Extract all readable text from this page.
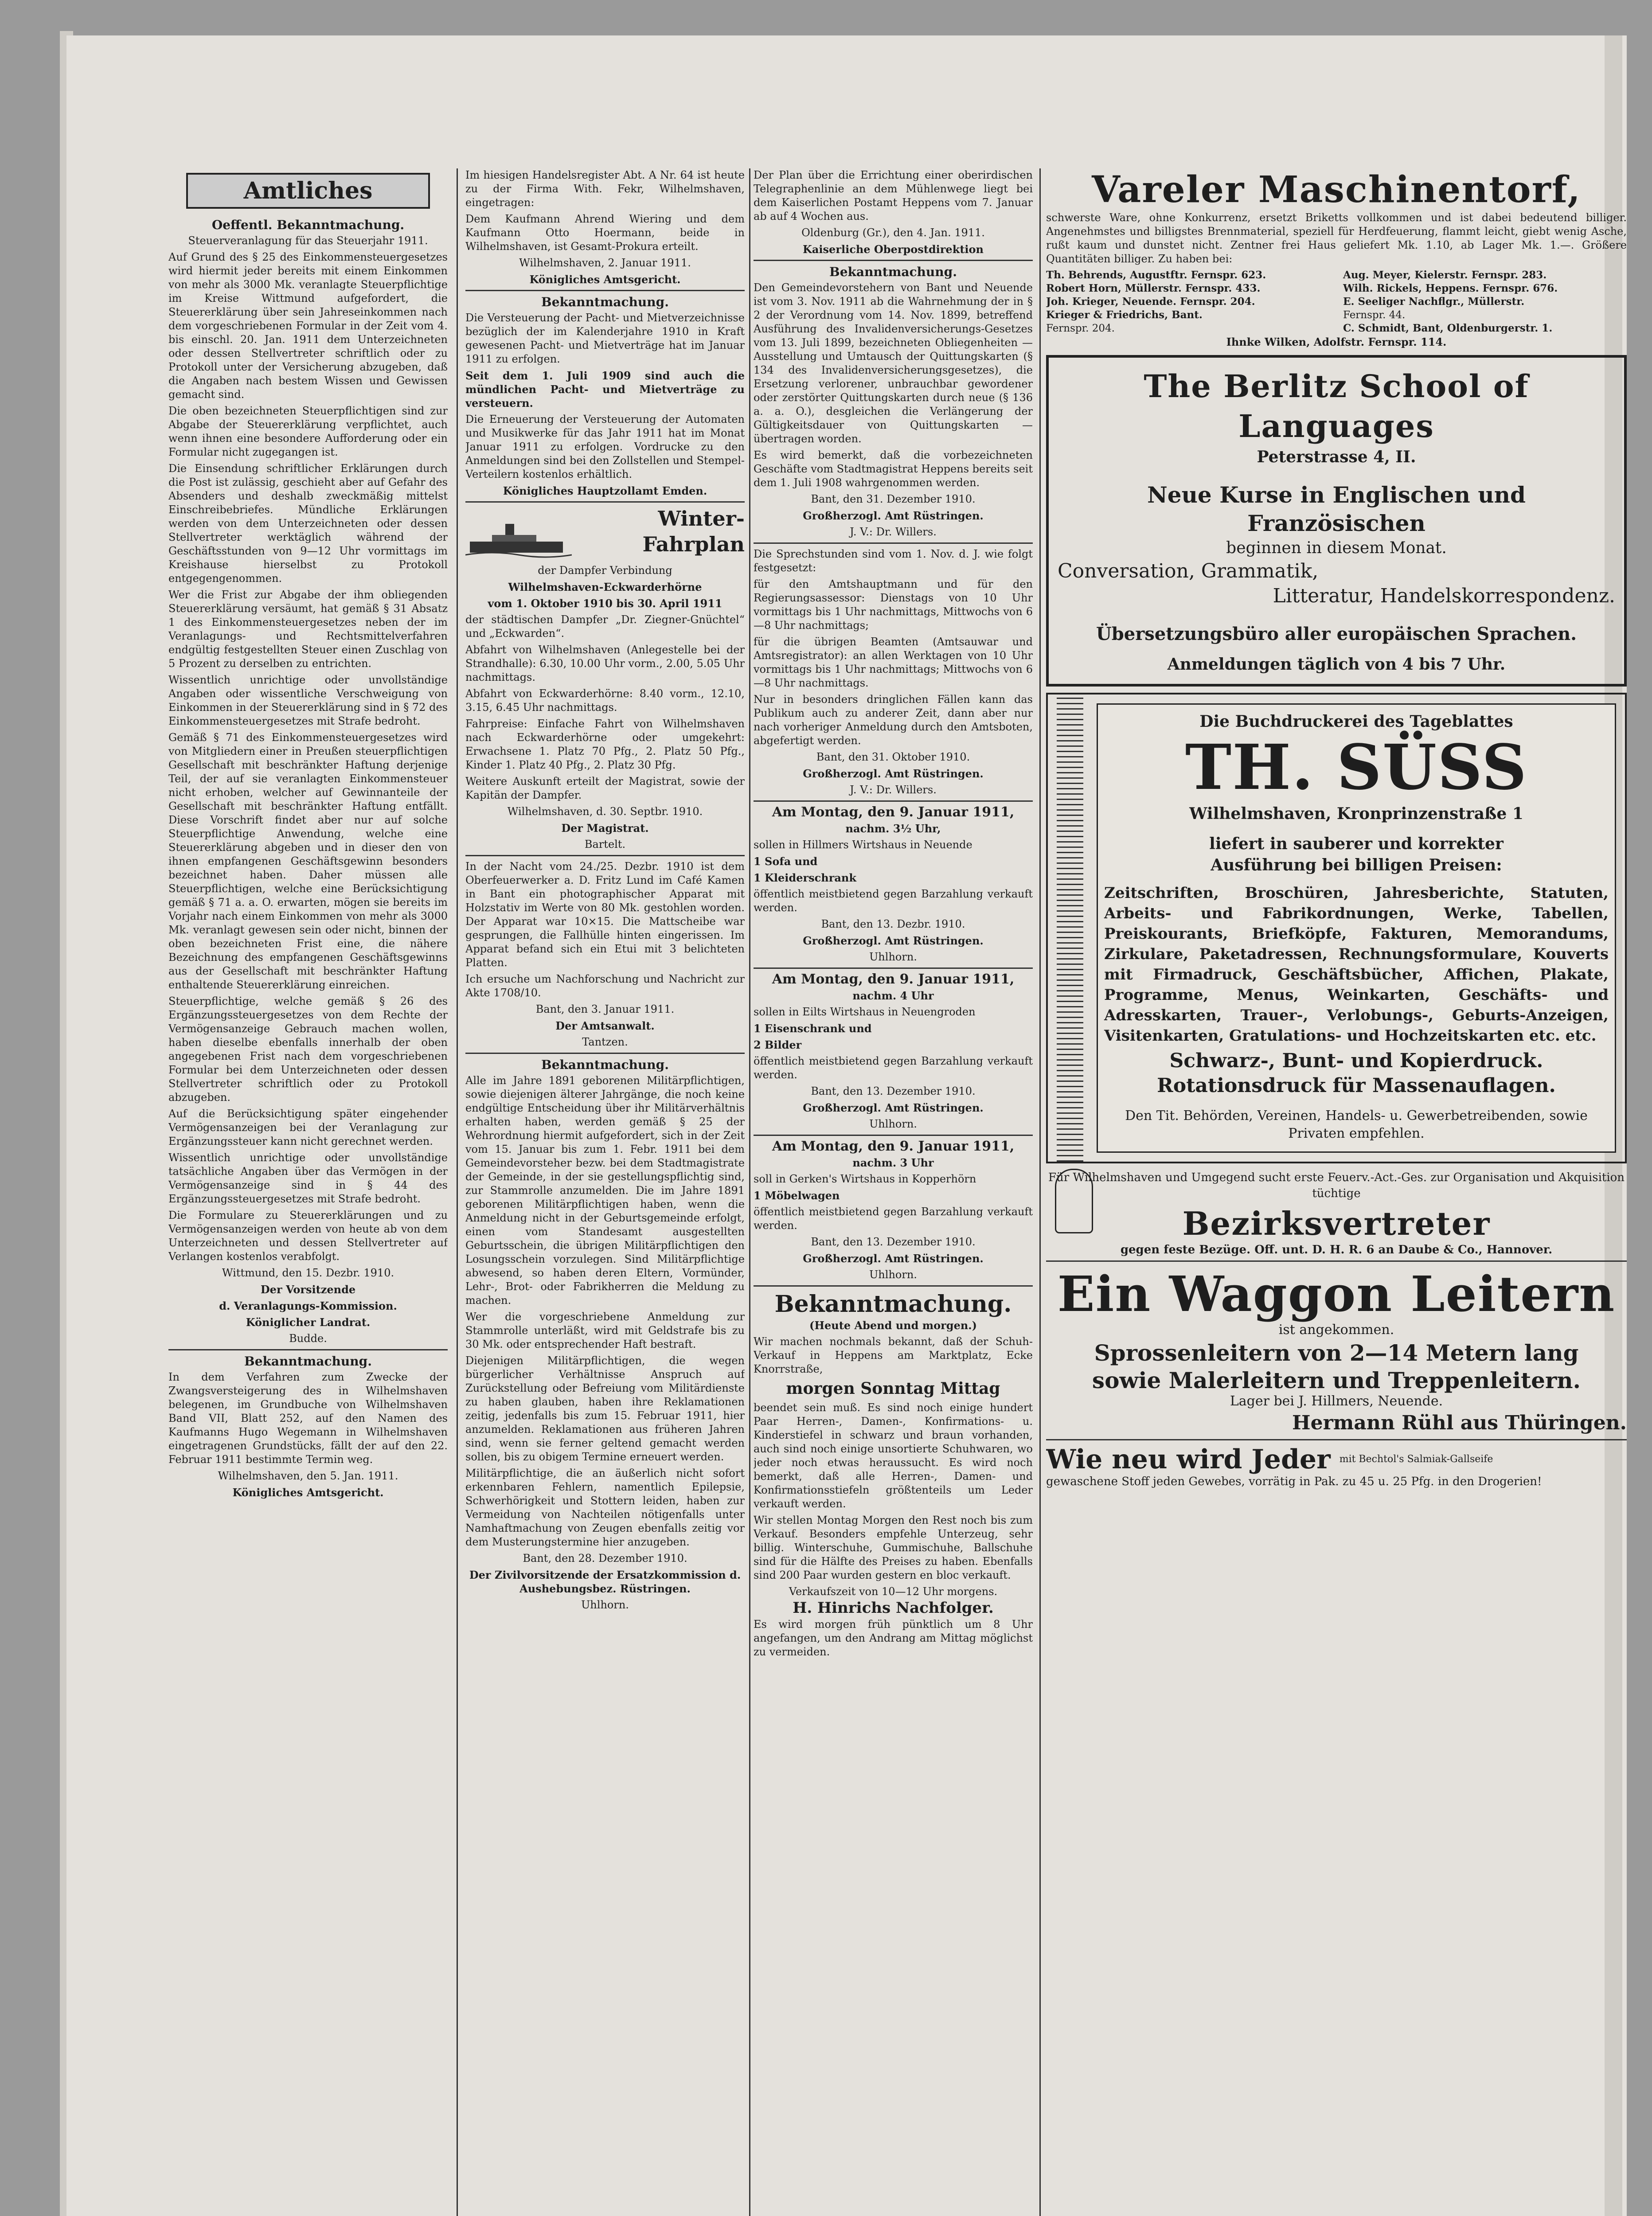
Amtliches
Oeffentl. Bekanntmachung.

Steuerveranlagung für das Steuerjahr 1911.

Auf Grund des § 25 des Einkommensteuergesetzes wird hiermit jeder bereits mit einem Einkommen von mehr als 3000 Mk. veranlagte Steuerpflichtige im Kreise Wittmund aufgefordert, die Steuererklärung über sein Jahreseinkommen nach dem vorgeschriebenen Formular in der Zeit vom 4. bis einschl. 20. Jan. 1911 dem Unterzeichneten oder dessen Stellvertreter schriftlich oder zu Protokoll unter der Versicherung abzugeben, daß die Angaben nach bestem Wissen und Gewissen gemacht sind.

Die oben bezeichneten Steuerpflichtigen sind zur Abgabe der Steuererklärung verpflichtet, auch wenn ihnen eine besondere Aufforderung oder ein Formular nicht zugegangen ist.

Die Einsendung schriftlicher Erklärungen durch die Post ist zulässig, geschieht aber auf Gefahr des Absenders und deshalb zweckmäßig mittelst Einschreibebriefes. Mündliche Erklärungen werden von dem Unterzeichneten oder dessen Stellvertreter werktäglich während der Geschäftsstunden von 9—12 Uhr vormittags im Kreishause hierselbst zu Protokoll entgegengenommen.

Wer die Frist zur Abgabe der ihm obliegenden Steuererklärung versäumt, hat gemäß § 31 Absatz 1 des Einkommensteuergesetzes neben der im Veranlagungs- und Rechtsmittelverfahren endgültig festgestellten Steuer einen Zuschlag von 5 Prozent zu derselben zu entrichten.

Wissentlich unrichtige oder unvollständige Angaben oder wissentliche Verschweigung von Einkommen in der Steuererklärung sind in § 72 des Einkommensteuergesetzes mit Strafe bedroht.

Gemäß § 71 des Einkommensteuergesetzes wird von Mitgliedern einer in Preußen steuerpflichtigen Gesellschaft mit beschränkter Haftung derjenige Teil, der auf sie veranlagten Einkommensteuer nicht erhoben, welcher auf Gewinnanteile der Gesellschaft mit beschränkter Haftung entfällt. Diese Vorschrift findet aber nur auf solche Steuerpflichtige Anwendung, welche eine Steuererklärung abgeben und in dieser den von ihnen empfangenen Geschäftsgewinn besonders bezeichnet haben. Daher müssen alle Steuerpflichtigen, welche eine Berücksichtigung gemäß § 71 a. a. O. erwarten, mögen sie bereits im Vorjahr nach einem Einkommen von mehr als 3000 Mk. veranlagt gewesen sein oder nicht, binnen der oben bezeichneten Frist eine, die nähere Bezeichnung des empfangenen Geschäftsgewinns aus der Gesellschaft mit beschränkter Haftung enthaltende Steuererklärung einreichen.

Steuerpflichtige, welche gemäß § 26 des Ergänzungssteuergesetzes von dem Rechte der Vermögensanzeige Gebrauch machen wollen, haben dieselbe ebenfalls innerhalb der oben angegebenen Frist nach dem vorgeschriebenen Formular bei dem Unterzeichneten oder dessen Stellvertreter schriftlich oder zu Protokoll abzugeben.

Auf die Berücksichtigung später eingehender Vermögensanzeigen bei der Veranlagung zur Ergänzungssteuer kann nicht gerechnet werden.

Wissentlich unrichtige oder unvollständige tatsächliche Angaben über das Vermögen in der Vermögensanzeige sind in § 44 des Ergänzungssteuergesetzes mit Strafe bedroht.

Die Formulare zu Steuererklärungen und zu Vermögensanzeigen werden von heute ab von dem Unterzeichneten und dessen Stellvertreter auf Verlangen kostenlos verabfolgt.

Wittmund, den 15. Dezbr. 1910.

Der Vorsitzende

d. Veranlagungs-Kommission.

Königlicher Landrat.

Budde.

Bekanntmachung.

In dem Verfahren zum Zwecke der Zwangsversteigerung des in Wilhelmshaven belegenen, im Grundbuche von Wilhelmshaven Band VII, Blatt 252, auf den Namen des Kaufmanns Hugo Wegemann in Wilhelmshaven eingetragenen Grundstücks, fällt der auf den 22. Februar 1911 bestimmte Termin weg.

Wilhelmshaven, den 5. Jan. 1911.

Königliches Amtsgericht.

Im hiesigen Handelsregister Abt. A Nr. 64 ist heute zu der Firma With. Fekr, Wilhelmshaven, eingetragen:

Dem Kaufmann Ahrend Wiering und dem Kaufmann Otto Hoermann, beide in Wilhelmshaven, ist Gesamt-Prokura erteilt.

Wilhelmshaven, 2. Januar 1911.

Königliches Amtsgericht.

Bekanntmachung.

Die Versteuerung der Pacht- und Mietverzeichnisse bezüglich der im Kalenderjahre 1910 in Kraft gewesenen Pacht- und Mietverträge hat im Januar 1911 zu erfolgen.

Seit dem 1. Juli 1909 sind auch die mündlichen Pacht- und Mietverträge zu versteuern.

Die Erneuerung der Versteuerung der Automaten und Musikwerke für das Jahr 1911 hat im Monat Januar 1911 zu erfolgen. Vordrucke zu den Anmeldungen sind bei den Zollstellen und Stempel-Verteilern kostenlos erhältlich.

Königliches Hauptzollamt Emden.

Winter-
Fahrplan

der Dampfer Verbindung

Wilhelmshaven-Eckwarderhörne

vom 1. Oktober 1910 bis 30. April 1911

der städtischen Dampfer „Dr. Ziegner-Gnüchtel“ und „Eckwarden“.

Abfahrt von Wilhelmshaven (Anlegestelle bei der Strandhalle): 6.30, 10.00 Uhr vorm., 2.00, 5.05 Uhr nachmittags.

Abfahrt von Eckwarderhörne: 8.40 vorm., 12.10, 3.15, 6.45 Uhr nachmittags.

Fahrpreise: Einfache Fahrt von Wilhelmshaven nach Eckwarderhörne oder umgekehrt: Erwachsene 1. Platz 70 Pfg., 2. Platz 50 Pfg., Kinder 1. Platz 40 Pfg., 2. Platz 30 Pfg.

Weitere Auskunft erteilt der Magistrat, sowie der Kapitän der Dampfer.

Wilhelmshaven, d. 30. Septbr. 1910.

Der Magistrat.

Bartelt.

In der Nacht vom 24./25. Dezbr. 1910 ist dem Oberfeuerwerker a. D. Fritz Lund im Café Kamen in Bant ein photographischer Apparat mit Holzstativ im Werte von 80 Mk. gestohlen worden. Der Apparat war 10×15. Die Mattscheibe war gesprungen, die Fallhülle hinten eingerissen. Im Apparat befand sich ein Etui mit 3 belichteten Platten.

Ich ersuche um Nachforschung und Nachricht zur Akte 1708/10.

Bant, den 3. Januar 1911.

Der Amtsanwalt.

Tantzen.

Bekanntmachung.

Alle im Jahre 1891 geborenen Militärpflichtigen, sowie diejenigen älterer Jahrgänge, die noch keine endgültige Entscheidung über ihr Militärverhältnis erhalten haben, werden gemäß § 25 der Wehrordnung hiermit aufgefordert, sich in der Zeit vom 15. Januar bis zum 1. Febr. 1911 bei dem Gemeindevorsteher bezw. bei dem Stadtmagistrate der Gemeinde, in der sie gestellungspflichtig sind, zur Stammrolle anzumelden. Die im Jahre 1891 geborenen Militärpflichtigen haben, wenn die Anmeldung nicht in der Geburtsgemeinde erfolgt, einen vom Standesamt ausgestellten Geburtsschein, die übrigen Militärpflichtigen den Losungsschein vorzulegen. Sind Militärpflichtige abwesend, so haben deren Eltern, Vormünder, Lehr-, Brot- oder Fabrikherren die Meldung zu machen.

Wer die vorgeschriebene Anmeldung zur Stammrolle unterläßt, wird mit Geldstrafe bis zu 30 Mk. oder entsprechender Haft bestraft.

Diejenigen Militärpflichtigen, die wegen bürgerlicher Verhältnisse Anspruch auf Zurückstellung oder Befreiung vom Militärdienste zu haben glauben, haben ihre Reklamationen zeitig, jedenfalls bis zum 15. Februar 1911, hier anzumelden. Reklamationen aus früheren Jahren sind, wenn sie ferner geltend gemacht werden sollen, bis zu obigem Termine erneuert werden.

Militärpflichtige, die an äußerlich nicht sofort erkennbaren Fehlern, namentlich Epilepsie, Schwerhörigkeit und Stottern leiden, haben zur Vermeidung von Nachteilen nötigenfalls unter Namhaftmachung von Zeugen ebenfalls zeitig vor dem Musterungstermine hier anzugeben.

Bant, den 28. Dezember 1910.

Der Zivilvorsitzende der Ersatzkommission d. Aushebungsbez. Rüstringen.

Uhlhorn.

Der Plan über die Errichtung einer oberirdischen Telegraphenlinie an dem Mühlenwege liegt bei dem Kaiserlichen Postamt Heppens vom 7. Januar ab auf 4 Wochen aus.

Oldenburg (Gr.), den 4. Jan. 1911.

Kaiserliche Oberpostdirektion

Bekanntmachung.

Den Gemeindevorstehern von Bant und Neuende ist vom 3. Nov. 1911 ab die Wahrnehmung der in § 2 der Verordnung vom 14. Nov. 1899, betreffend Ausführung des Invalidenversicherungs-Gesetzes vom 13. Juli 1899, bezeichneten Obliegenheiten — Ausstellung und Umtausch der Quittungskarten (§ 134 des Invalidenversicherungsgesetzes), die Ersetzung verlorener, unbrauchbar gewordener oder zerstörter Quittungskarten durch neue (§ 136 a. a. O.), desgleichen die Verlängerung der Gültigkeitsdauer von Quittungskarten — übertragen worden.

Es wird bemerkt, daß die vorbezeichneten Geschäfte vom Stadtmagistrat Heppens bereits seit dem 1. Juli 1908 wahrgenommen werden.

Bant, den 31. Dezember 1910.

Großherzogl. Amt Rüstringen.

J. V.: Dr. Willers.

Die Sprechstunden sind vom 1. Nov. d. J. wie folgt festgesetzt:

für den Amtshauptmann und für den Regierungsassessor: Dienstags von 10 Uhr vormittags bis 1 Uhr nachmittags, Mittwochs von 6—8 Uhr nachmittags;

für die übrigen Beamten (Amtsauwar und Amtsregistrator): an allen Werktagen von 10 Uhr vormittags bis 1 Uhr nachmittags; Mittwochs von 6—8 Uhr nachmittags.

Nur in besonders dringlichen Fällen kann das Publikum auch zu anderer Zeit, dann aber nur nach vorheriger Anmeldung durch den Amtsboten, abgefertigt werden.

Bant, den 31. Oktober 1910.

Großherzogl. Amt Rüstringen.

J. V.: Dr. Willers.

Am Montag, den 9. Januar 1911,

nachm. 3½ Uhr,

sollen in Hillmers Wirtshaus in Neuende

1 Sofa und

1 Kleiderschrank

öffentlich meistbietend gegen Barzahlung verkauft werden.

Bant, den 13. Dezbr. 1910.

Großherzogl. Amt Rüstringen.

Uhlhorn.

Am Montag, den 9. Januar 1911,

nachm. 4 Uhr

sollen in Eilts Wirtshaus in Neuengroden

1 Eisenschrank und

2 Bilder

öffentlich meistbietend gegen Barzahlung verkauft werden.

Bant, den 13. Dezember 1910.

Großherzogl. Amt Rüstringen.

Uhlhorn.

Am Montag, den 9. Januar 1911,

nachm. 3 Uhr

soll in Gerken's Wirtshaus in Kopperhörn

1 Möbelwagen

öffentlich meistbietend gegen Barzahlung verkauft werden.

Bant, den 13. Dezember 1910.

Großherzogl. Amt Rüstringen.

Uhlhorn.

Bekanntmachung.

(Heute Abend und morgen.)

Wir machen nochmals bekannt, daß der Schuh-Verkauf in Heppens am Marktplatz, Ecke Knorrstraße,

morgen Sonntag Mittag

beendet sein muß. Es sind noch einige hundert Paar Herren-, Damen-, Konfirmations- u. Kinderstiefel in schwarz und braun vorhanden, auch sind noch einige unsortierte Schuhwaren, wo jeder noch etwas heraussucht. Es wird noch bemerkt, daß alle Herren-, Damen- und Konfirmationsstiefeln größtenteils um Leder verkauft werden.

Wir stellen Montag Morgen den Rest noch bis zum Verkauf. Besonders empfehle Unterzeug, sehr billig. Winterschuhe, Gummischuhe, Ballschuhe sind für die Hälfte des Preises zu haben. Ebenfalls sind 200 Paar wurden gestern en bloc verkauft.

Verkaufszeit von 10—12 Uhr morgens.

H. Hinrichs Nachfolger.

Es wird morgen früh pünktlich um 8 Uhr angefangen, um den Andrang am Mittag möglichst zu vermeiden.

Vareler Maschinentorf,

schwerste Ware, ohne Konkurrenz, ersetzt Briketts vollkommen und ist dabei bedeutend billiger. Angenehmstes und billigstes Brennmaterial, speziell für Herdfeuerung, flammt leicht, giebt wenig Asche, rußt kaum und dunstet nicht. Zentner frei Haus geliefert Mk. 1.10, ab Lager Mk. 1.—. Größere Quantitäten billiger. Zu haben bei:

Th. Behrends, Augustftr. Fernspr. 623.
Robert Horn, Müllerstr. Fernspr. 433.
Joh. Krieger, Neuende. Fernspr. 204.
Krieger & Friedrichs, Bant.
Fernspr. 204.
Aug. Meyer, Kielerstr. Fernspr. 283.
Wilh. Rickels, Heppens. Fernspr. 676.
E. Seeliger Nachflgr., Müllerstr.
Fernspr. 44.
C. Schmidt, Bant, Oldenburgerstr. 1.

Ihnke Wilken, Adolfstr. Fernspr. 114.

The Berlitz School of Languages
Peterstrasse 4, II.
Neue Kurse in Englischen und Französischen
beginnen in diesem Monat.
Conversation, Grammatik,
Litteratur, Handelskorrespondenz.
Übersetzungsbüro aller europäischen Sprachen.
Anmeldungen täglich von 4 bis 7 Uhr.
Die Buchdruckerei des Tageblattes
TH. SÜSS
Wilhelmshaven, Kronprinzenstraße 1
liefert in sauberer und korrekter
Ausführung bei billigen Preisen:

Zeitschriften, Broschüren, Jahresberichte, Statuten, Arbeits- und Fabrikordnungen, Werke, Tabellen, Preiskourants, Briefköpfe, Fakturen, Memorandums, Zirkulare, Paketadressen, Rechnungsformulare, Kouverts mit Firmadruck, Geschäftsbücher, Affichen, Plakate, Programme, Menus, Weinkarten, Geschäfts- und Adresskarten, Trauer-, Verlobungs-, Geburts-Anzeigen, Visitenkarten, Gratulations- und Hochzeitskarten etc. etc.

Schwarz-, Bunt- und Kopierdruck.
Rotationsdruck für Massenauflagen.

Den Tit. Behörden, Vereinen, Handels- u. Gewerbetreibenden, sowie Privaten empfehlen.

Für Wilhelmshaven und Umgegend sucht erste Feuerv.-Act.-Ges. zur Organisation und Akquisition tüchtige

Bezirksvertreter

gegen feste Bezüge. Off. unt. D. H. R. 6 an Daube & Co., Hannover.

Ein Waggon Leitern

ist angekommen.

Sprossenleitern von 2—14 Metern lang
sowie Malerleitern und Treppenleitern.

Lager bei J. Hillmers, Neuende.

Hermann Rühl aus Thüringen.

Wie neu wird Jeder mit Bechtol's Salmiak-Gallseife

gewaschene Stoff jeden Gewebes, vorrätig in Pak. zu 45 u. 25 Pfg. in den Drogerien!
